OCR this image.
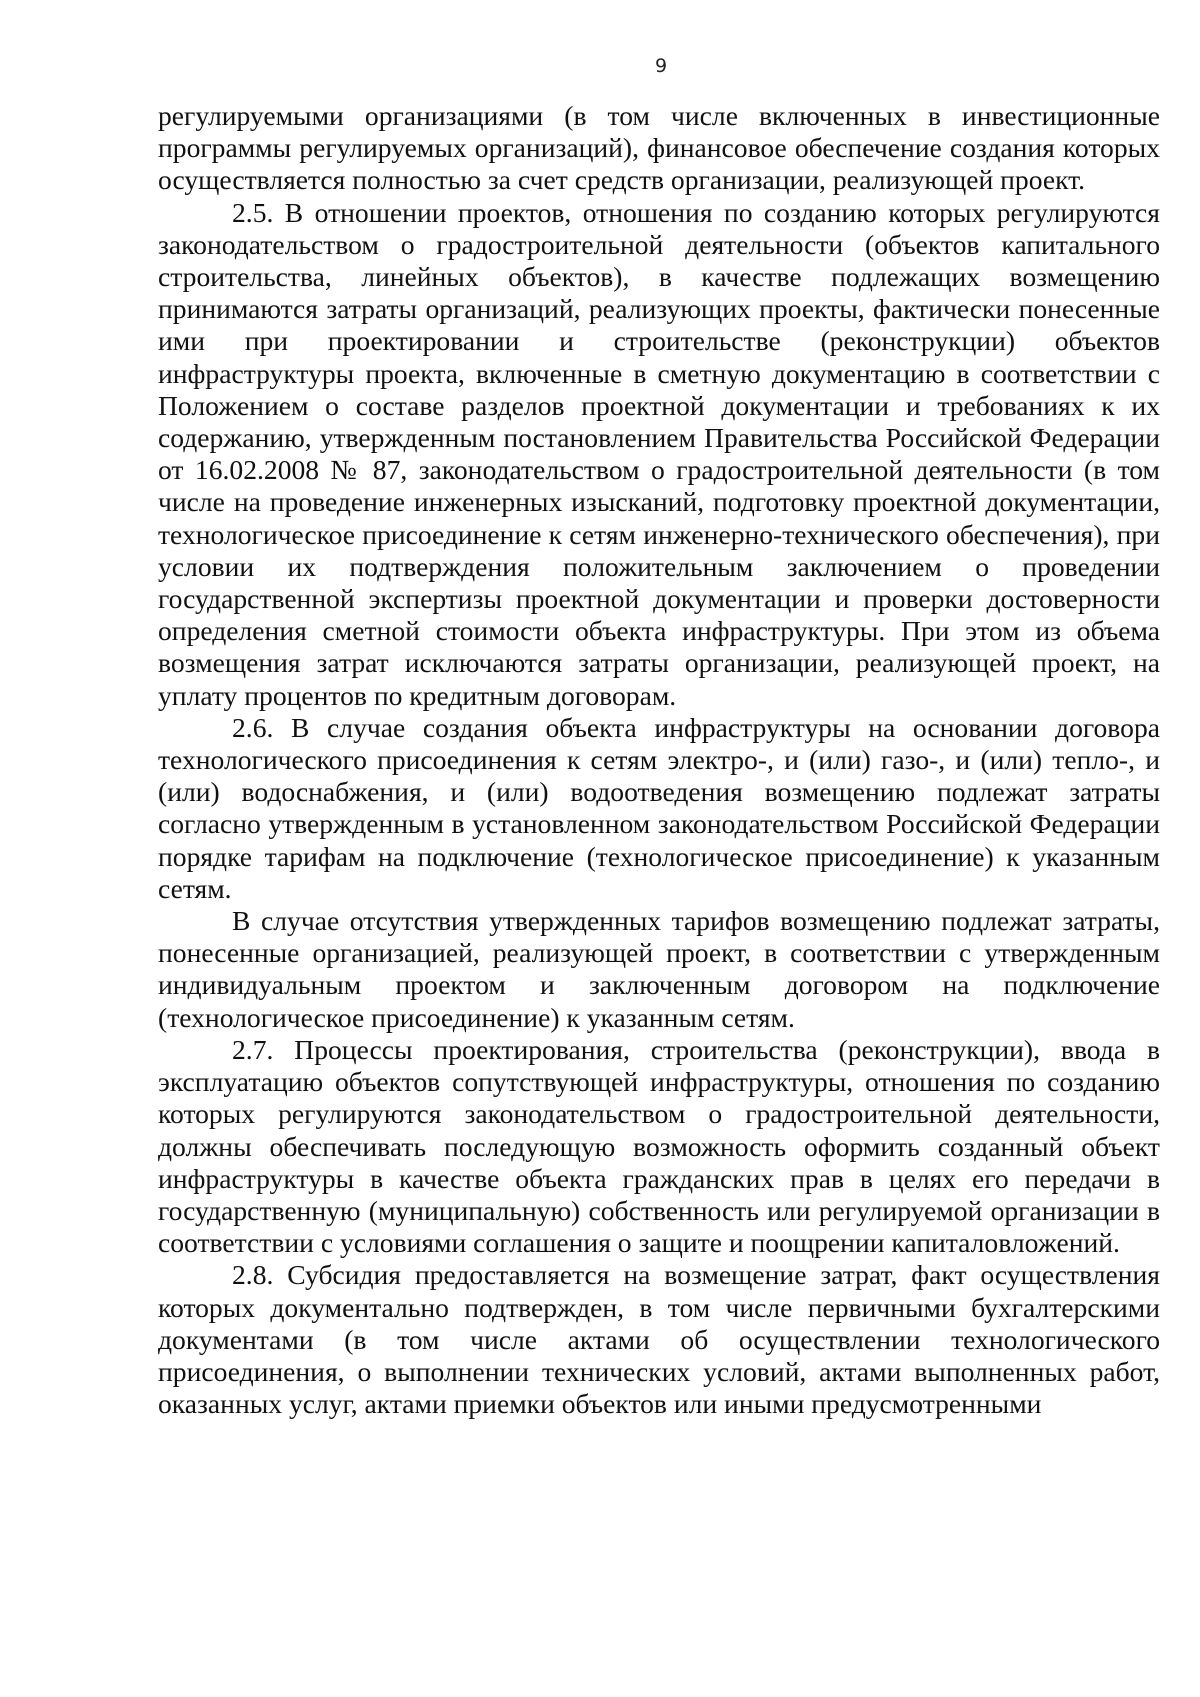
9

регулируемыми организациями (в том числе включенных в инвестиционные программы регулируемых организаций), финансовое обеспечение создания которых осуществляется полностью за счет средств организации, реализующей проект.

2.5. В отношении проектов, отношения по созданию которых регулируются законодательством о градостроительной деятельности (объектов капитального строительства, линейных объектов), в качестве подлежащих возмещению принимаются затраты организаций, реализующих проекты, фактически понесенные ими при проектировании и строительстве (реконструкции) объектов инфраструктуры проекта, включенные в сметную документацию в соответствии с Положением о составе разделов проектной документации и требованиях к их содержанию, утвержденным постановлением Правительства Российской Федерации от 16.02.2008 № 87, законодательством о градостроительной деятельности (в том числе на проведение инженерных изысканий, подготовку проектной документации, технологическое присоединение к сетям инженерно-технического обеспечения), при условии их подтверждения положительным заключением о проведении государственной экспертизы проектной документации и проверки достоверности определения сметной стоимости объекта инфраструктуры. При этом из объема возмещения затрат исключаются затраты организации, реализующей проект, на уплату процентов по кредитным договорам.

2.6. В случае создания объекта инфраструктуры на основании договора технологического присоединения к сетям электро-, и (или) газо-, и (или) тепло-, и (или) водоснабжения, и (или) водоотведения возмещению подлежат затраты согласно утвержденным в установленном законодательством Российской Федерации порядке тарифам на подключение (технологическое присоединение) к указанным сетям.

В случае отсутствия утвержденных тарифов возмещению подлежат затраты, понесенные организацией, реализующей проект, в соответствии с утвержденным индивидуальным проектом и заключенным договором на подключение (технологическое присоединение) к указанным сетям.

2.7. Процессы проектирования, строительства (реконструкции), ввода в эксплуатацию объектов сопутствующей инфраструктуры, отношения по созданию которых регулируются законодательством о градостроительной деятельности, должны обеспечивать последующую возможность оформить созданный объект инфраструктуры в качестве объекта гражданских прав в целях его передачи в государственную (муниципальную) собственность или регулируемой организации в соответствии с условиями соглашения о защите и поощрении капиталовложений.

2.8. Субсидия предоставляется на возмещение затрат, факт осуществления которых документально подтвержден, в том числе первичными бухгалтерскими документами (в том числе актами об осуществлении технологического присоединения, о выполнении технических условий, актами выполненных работ, оказанных услуг, актами приемки объектов или иными предусмотренными
